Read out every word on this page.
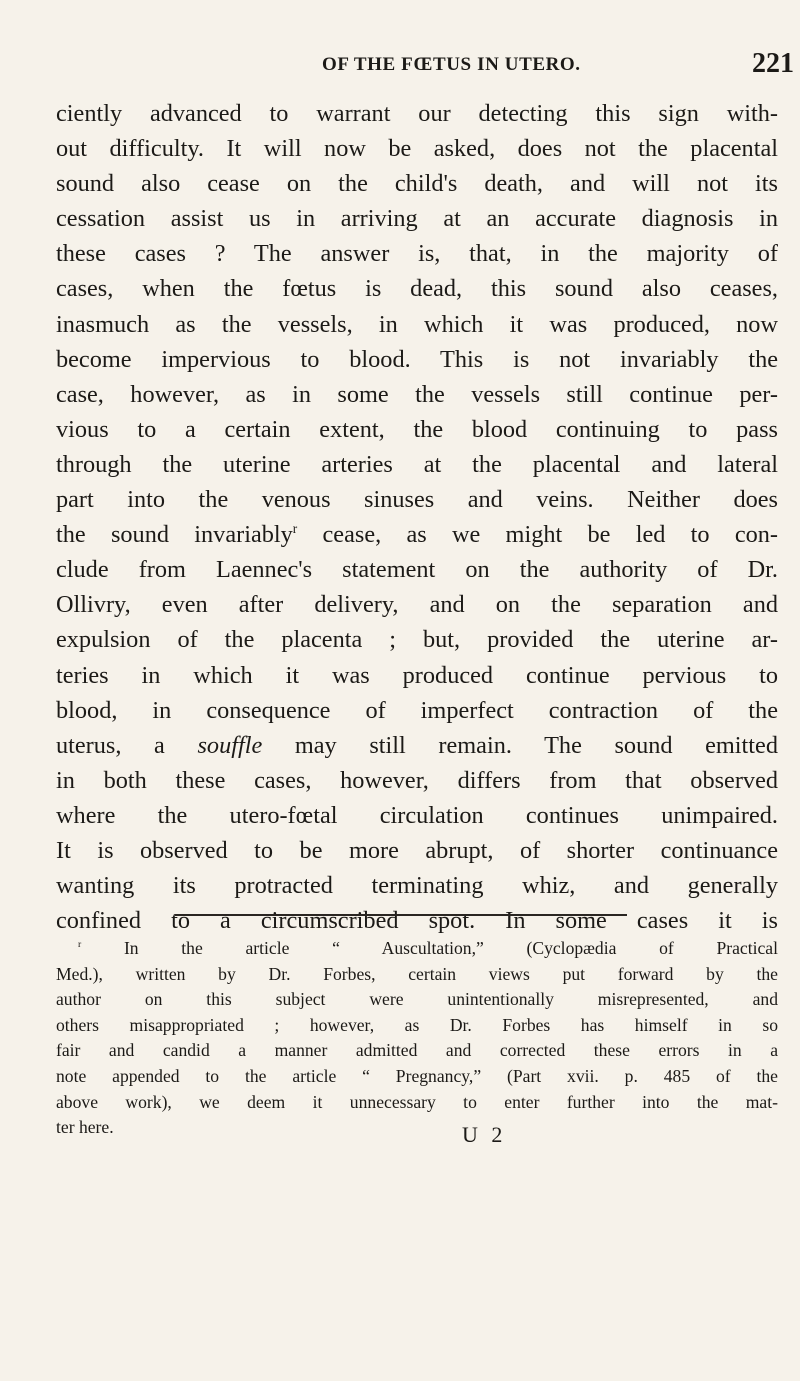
OF THE FŒTUS IN UTERO.	221
ciently advanced to warrant our detecting this sign with-
out difficulty. It will now be asked, does not the placental
sound also cease on the child's death, and will not its
cessation assist us in arriving at an accurate diagnosis in
these cases ? The answer is, that, in the majority of
cases, when the fœtus is dead, this sound also ceases,
inasmuch as the vessels, in which it was produced, now
become impervious to blood. This is not invariably the
case, however, as in some the vessels still continue per-
vious to a certain extent, the blood continuing to pass
through the uterine arteries at the placental and lateral
part into the venous sinuses and veins. Neither does
the sound invariably$^r$ cease, as we might be led to con-
clude from Laennec's statement on the authority of Dr.
Ollivry, even after delivery, and on the separation and
expulsion of the placenta ; but, provided the uterine ar-
teries in which it was produced continue pervious to
blood, in consequence of imperfect contraction of the
uterus, a souffle may still remain. The sound emitted
in both these cases, however, differs from that observed
where the utero-fœtal circulation continues unimpaired.
It is observed to be more abrupt, of shorter continuance
wanting its protracted terminating whiz, and generally
confined to a circumscribed spot. In some cases it is
$^r$ In the article “ Auscultation,” (Cyclopædia of Practical
Med.), written by Dr. Forbes, certain views put forward by the
author on this subject were unintentionally misrepresented, and
others misappropriated ; however, as Dr. Forbes has himself in so
fair and candid a manner admitted and corrected these errors in a
note appended to the article “ Pregnancy,” (Part xvii. p. 485 of the
above work), we deem it unnecessary to enter further into the mat-
ter here.	U 2
